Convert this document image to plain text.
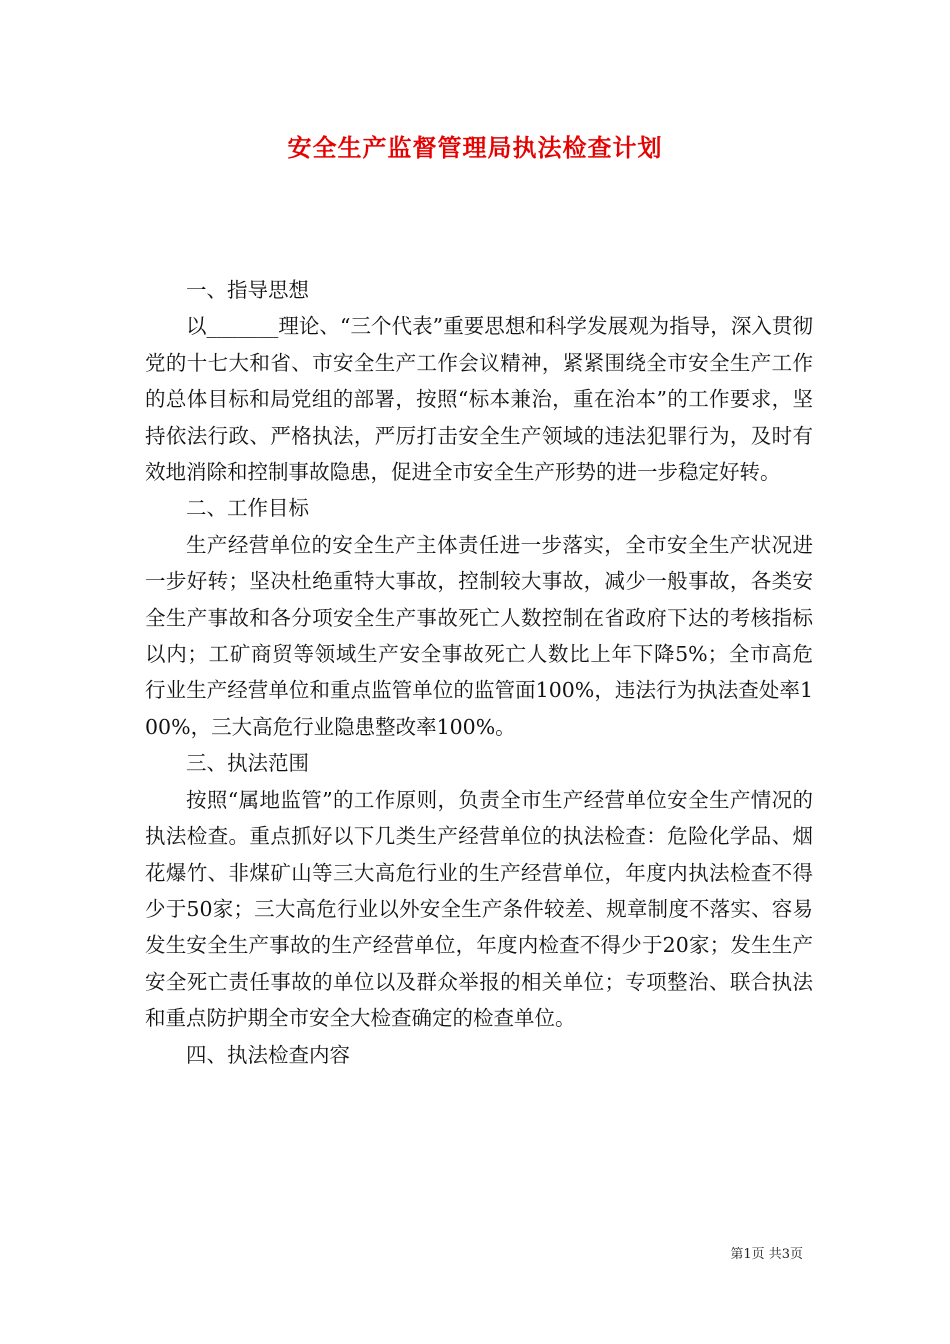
安全生产监督管理局执法检查计划

一、指导思想

以_______理论、“三个代表”重要思想和科学发展观为指导，深入贯彻党的十七大和省、市安全生产工作会议精神，紧紧围绕全市安全生产工作的总体目标和局党组的部署，按照“标本兼治，重在治本”的工作要求，坚持依法行政、严格执法，严厉打击安全生产领域的违法犯罪行为，及时有效地消除和控制事故隐患，促进全市安全生产形势的进一步稳定好转。

二、工作目标

生产经营单位的安全生产主体责任进一步落实，全市安全生产状况进一步好转；坚决杜绝重特大事故，控制较大事故，减少一般事故，各类安全生产事故和各分项安全生产事故死亡人数控制在省政府下达的考核指标以内；工矿商贸等领域生产安全事故死亡人数比上年下降5%；全市高危行业生产经营单位和重点监管单位的监管面100%，违法行为执法查处率100%，三大高危行业隐患整改率100%。

三、执法范围

按照“属地监管”的工作原则，负责全市生产经营单位安全生产情况的执法检查。重点抓好以下几类生产经营单位的执法检查：危险化学品、烟花爆竹、非煤矿山等三大高危行业的生产经营单位，年度内执法检查不得少于50家；三大高危行业以外安全生产条件较差、规章制度不落实、容易发生安全生产事故的生产经营单位，年度内检查不得少于20家；发生生产安全死亡责任事故的单位以及群众举报的相关单位；专项整治、联合执法和重点防护期全市安全大检查确定的检查单位。

四、执法检查内容

第1页 共3页
